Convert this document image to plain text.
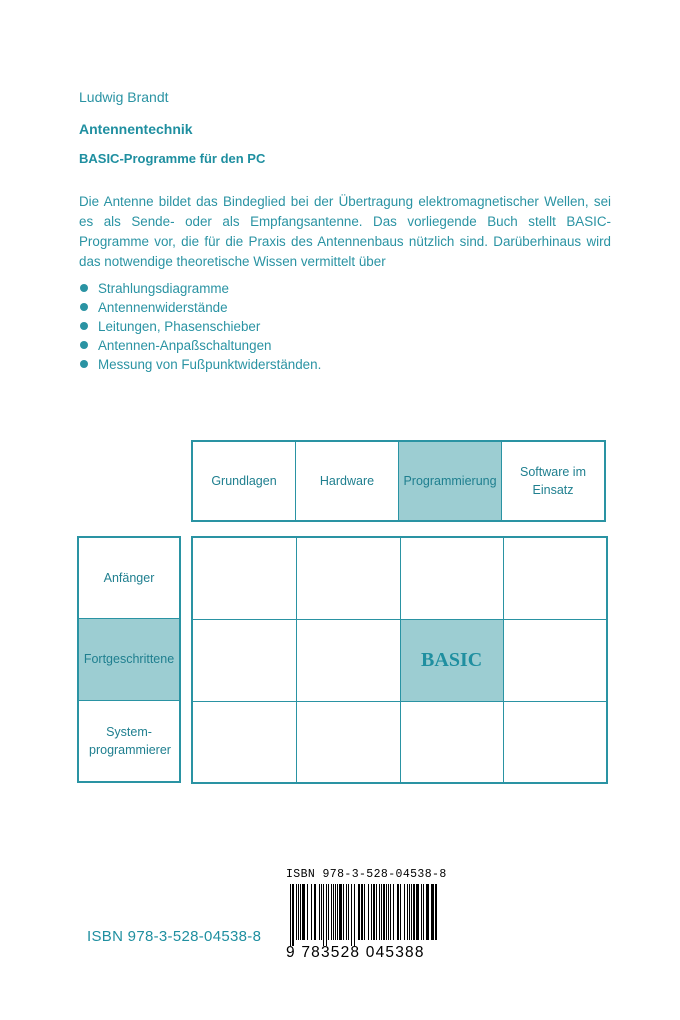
Ludwig Brandt
Antennentechnik
BASIC-Programme für den PC
Die Antenne bildet das Bindeglied bei der Übertragung elektromagnetischer Wellen, sei es als Sende- oder als Empfangsantenne. Das vorliegende Buch stellt BASIC-Programme vor, die für die Praxis des Antennenbaus nützlich sind. Darüberhinaus wird das notwendige theoretische Wissen vermittelt über
Strahlungsdiagramme
Antennenwiderstände
Leitungen, Phasenschieber
Antennen-Anpaßschaltungen
Messung von Fußpunktwiderständen.
Grundlagen	Hardware	Programmierung
Software im Einsatz
Anfänger
Fortgeschrittene
System-programmierer
BASIC
ISBN 978-3-528-04538-8
ISBN 978-3-528-04538-8
9 783528 045388
